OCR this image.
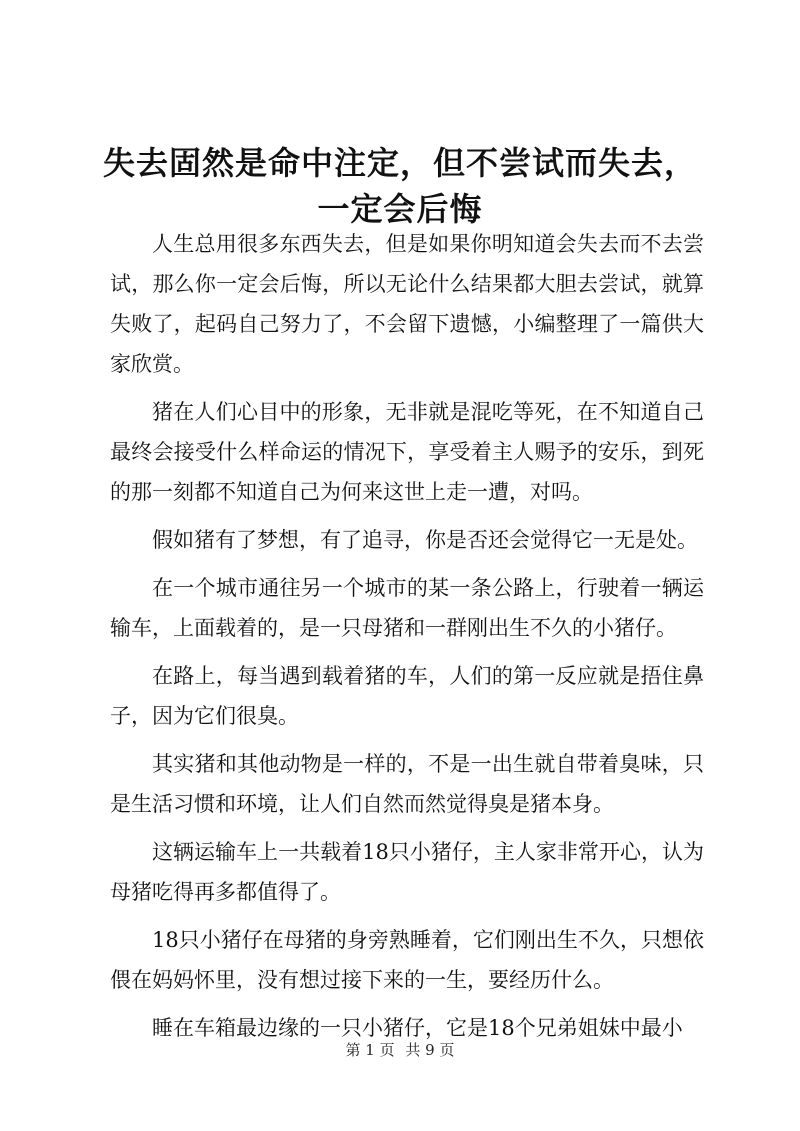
失去固然是命中注定，但不尝试而失去，一定会后悔

人生总用很多东西失去，但是如果你明知道会失去而不去尝试，那么你一定会后悔，所以无论什么结果都大胆去尝试，就算失败了，起码自己努力了，不会留下遗憾，小编整理了一篇供大家欣赏。

猪在人们心目中的形象，无非就是混吃等死，在不知道自己最终会接受什么样命运的情况下，享受着主人赐予的安乐，到死的那一刻都不知道自己为何来这世上走一遭，对吗。

假如猪有了梦想，有了追寻，你是否还会觉得它一无是处。

在一个城市通往另一个城市的某一条公路上，行驶着一辆运输车，上面载着的，是一只母猪和一群刚出生不久的小猪仔。

在路上，每当遇到载着猪的车，人们的第一反应就是捂住鼻子，因为它们很臭。

其实猪和其他动物是一样的，不是一出生就自带着臭味，只是生活习惯和环境，让人们自然而然觉得臭是猪本身。

这辆运输车上一共载着18只小猪仔，主人家非常开心，认为母猪吃得再多都值得了。

18只小猪仔在母猪的身旁熟睡着，它们刚出生不久，只想依偎在妈妈怀里，没有想过接下来的一生，要经历什么。

睡在车箱最边缘的一只小猪仔，它是18个兄弟姐妹中最小

第 1 页 共 9 页
